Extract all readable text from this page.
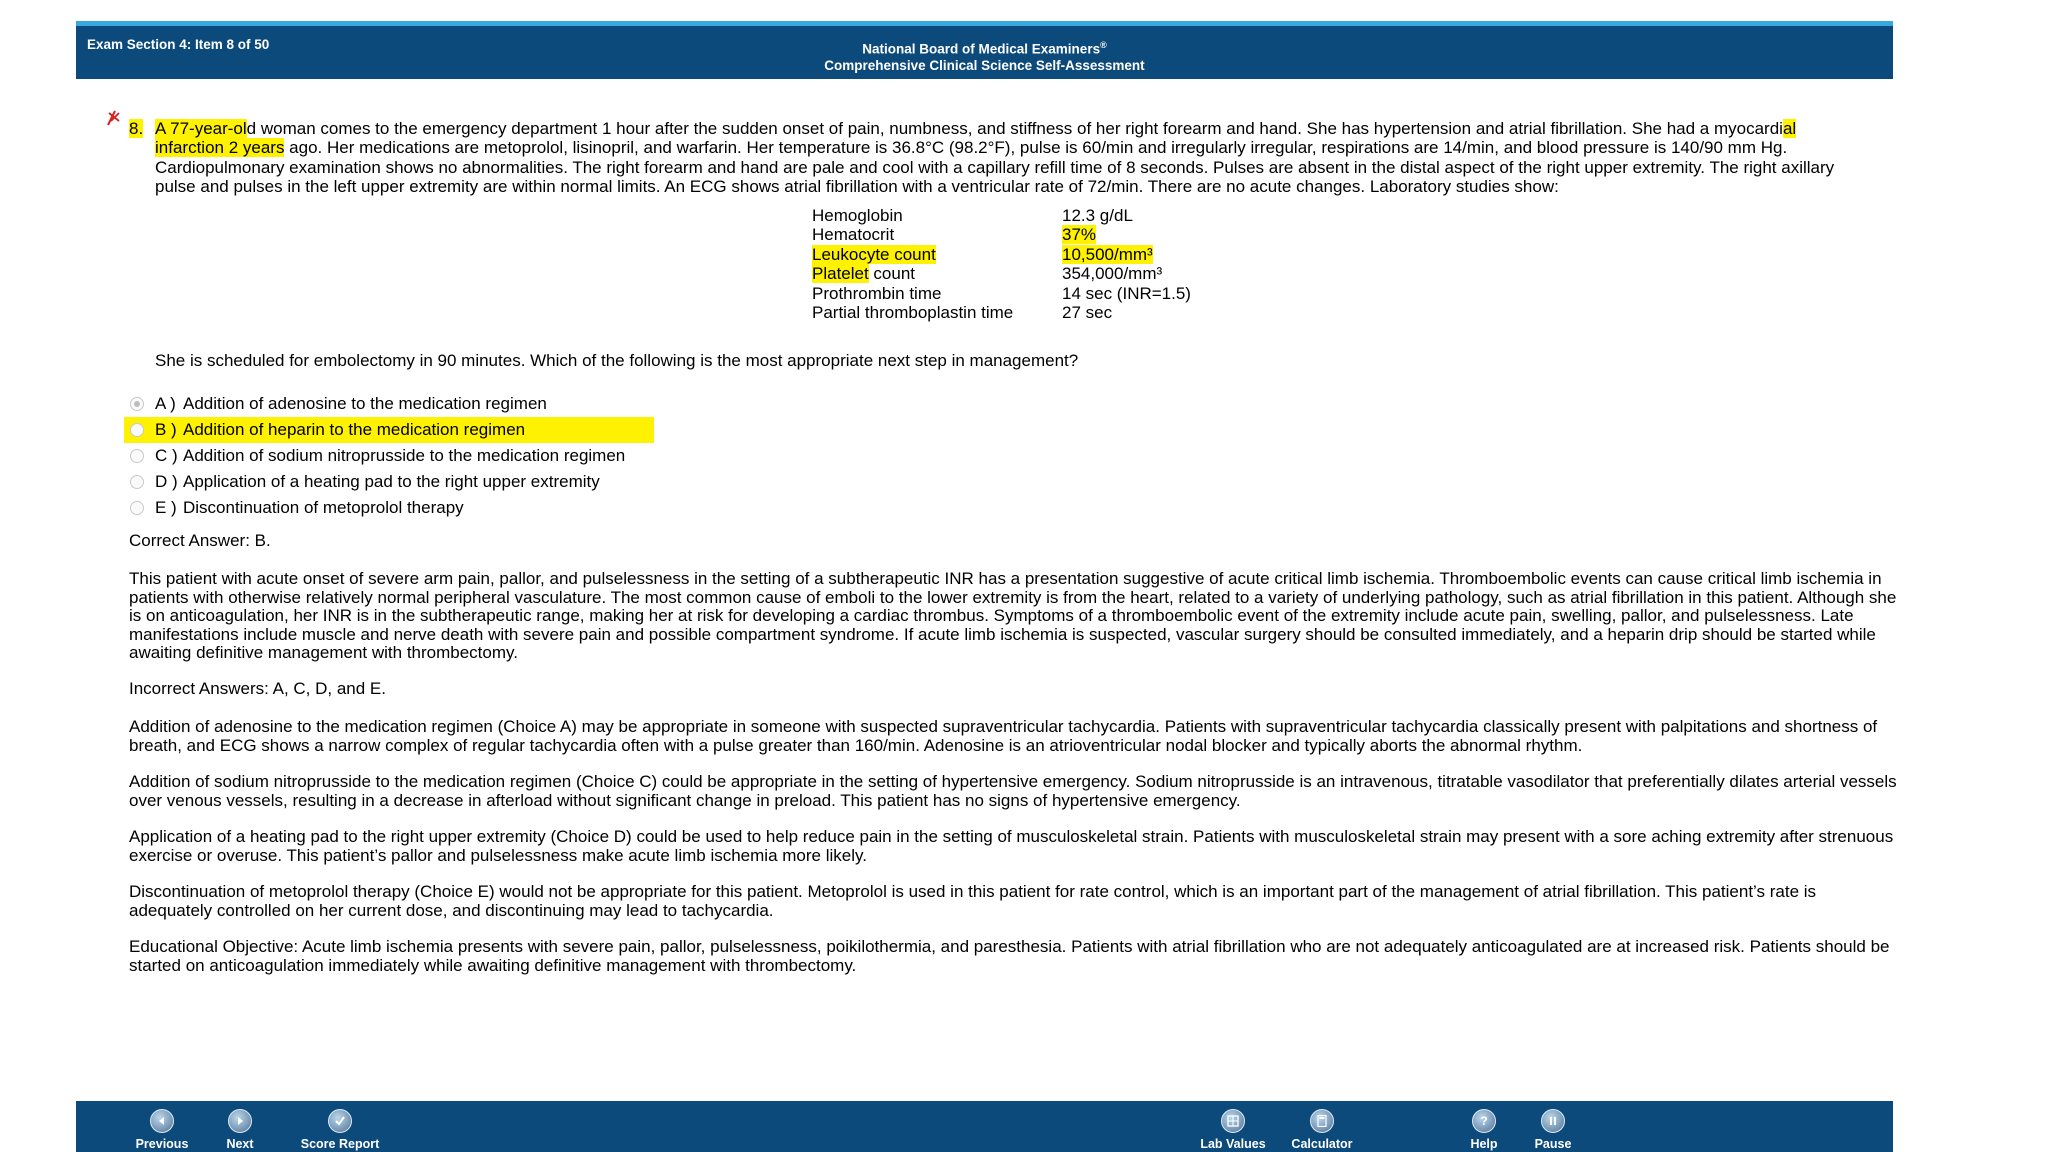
Exam Section 4: Item 8 of 50	National Board of Medical Examiners®
Comprehensive Clinical Science Self-Assessment
8. A 77-year-old woman comes to the emergency department 1 hour after the sudden onset of pain, numbness, and stiffness of her right forearm and hand. She has hypertension and atrial fibrillation. She had a myocardial infarction 2 years ago. Her medications are metoprolol, lisinopril, and warfarin. Her temperature is 36.8°C (98.2°F), pulse is 60/min and irregularly irregular, respirations are 14/min, and blood pressure is 140/90 mm Hg. Cardiopulmonary examination shows no abnormalities. The right forearm and hand are pale and cool with a capillary refill time of 8 seconds. Pulses are absent in the distal aspect of the right upper extremity. The right axillary pulse and pulses in the left upper extremity are within normal limits. An ECG shows atrial fibrillation with a ventricular rate of 72/min. There are no acute changes. Laboratory studies show:
Hemoglobin	12.3 g/dL
Hematocrit	37%
Leukocyte count	10,500/mm³
Platelet count	354,000/mm³
Prothrombin time	14 sec (INR=1.5)
Partial thromboplastin time	27 sec
She is scheduled for embolectomy in 90 minutes. Which of the following is the most appropriate next step in management?
A ) Addition of adenosine to the medication regimen
B ) Addition of heparin to the medication regimen
C ) Addition of sodium nitroprusside to the medication regimen
D ) Application of a heating pad to the right upper extremity
E ) Discontinuation of metoprolol therapy
Correct Answer: B.
This patient with acute onset of severe arm pain, pallor, and pulselessness in the setting of a subtherapeutic INR has a presentation suggestive of acute critical limb ischemia. Thromboembolic events can cause critical limb ischemia in patients with otherwise relatively normal peripheral vasculature. The most common cause of emboli to the lower extremity is from the heart, related to a variety of underlying pathology, such as atrial fibrillation in this patient. Although she is on anticoagulation, her INR is in the subtherapeutic range, making her at risk for developing a cardiac thrombus. Symptoms of a thromboembolic event of the extremity include acute pain, swelling, pallor, and pulselessness. Late manifestations include muscle and nerve death with severe pain and possible compartment syndrome. If acute limb ischemia is suspected, vascular surgery should be consulted immediately, and a heparin drip should be started while awaiting definitive management with thrombectomy.
Incorrect Answers: A, C, D, and E.
Addition of adenosine to the medication regimen (Choice A) may be appropriate in someone with suspected supraventricular tachycardia. Patients with supraventricular tachycardia classically present with palpitations and shortness of breath, and ECG shows a narrow complex of regular tachycardia often with a pulse greater than 160/min. Adenosine is an atrioventricular nodal blocker and typically aborts the abnormal rhythm.
Addition of sodium nitroprusside to the medication regimen (Choice C) could be appropriate in the setting of hypertensive emergency. Sodium nitroprusside is an intravenous, titratable vasodilator that preferentially dilates arterial vessels over venous vessels, resulting in a decrease in afterload without significant change in preload. This patient has no signs of hypertensive emergency.
Application of a heating pad to the right upper extremity (Choice D) could be used to help reduce pain in the setting of musculoskeletal strain. Patients with musculoskeletal strain may present with a sore aching extremity after strenuous exercise or overuse. This patient’s pallor and pulselessness make acute limb ischemia more likely.
Discontinuation of metoprolol therapy (Choice E) would not be appropriate for this patient. Metoprolol is used in this patient for rate control, which is an important part of the management of atrial fibrillation. This patient’s rate is adequately controlled on her current dose, and discontinuing may lead to tachycardia.
Educational Objective: Acute limb ischemia presents with severe pain, pallor, pulselessness, poikilothermia, and paresthesia. Patients with atrial fibrillation who are not adequately anticoagulated are at increased risk. Patients should be started on anticoagulation immediately while awaiting definitive management with thrombectomy.
Previous	Next	Score Report	Lab Values	Calculator
?
Help	Pause
